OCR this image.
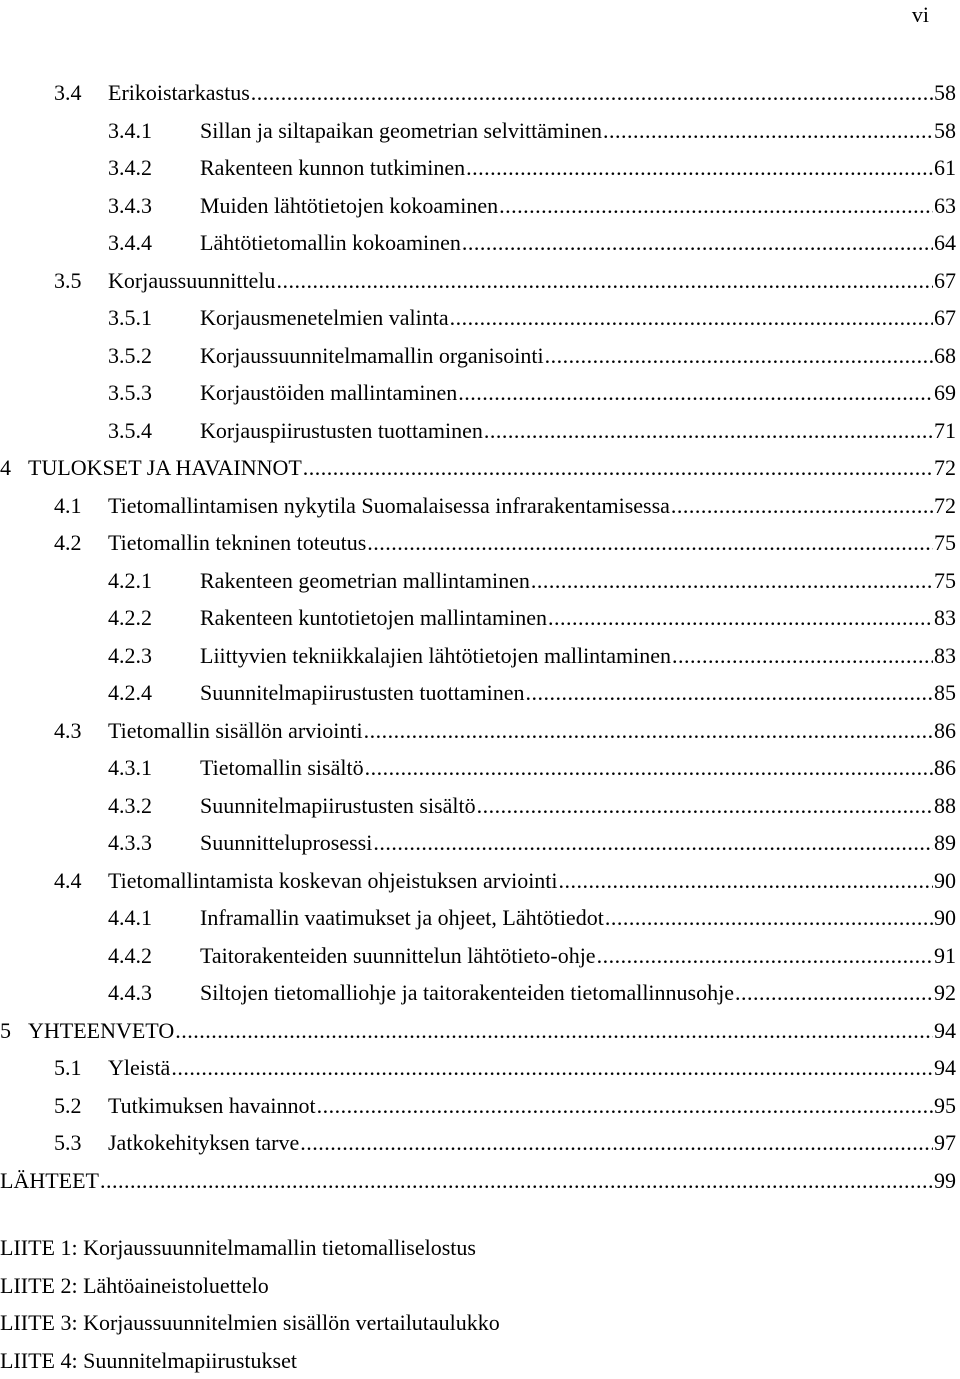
vi
3.4	Erikoistarkastus .....	58
3.4.1	Sillan ja siltapaikan geometrian selvittäminen .....	58
3.4.2	Rakenteen kunnon tutkiminen .....	61
3.4.3	Muiden lähtötietojen kokoaminen .....	63
3.4.4	Lähtötietomallin kokoaminen .....	64
3.5	Korjaussuunnittelu .....	67
3.5.1	Korjausmenetelmien valinta .....	67
3.5.2	Korjaussuunnitelmamallin organisointi .....	68
3.5.3	Korjaustöiden mallintaminen .....	69
3.5.4	Korjauspiirustusten tuottaminen .....	71
4 TULOKSET JA HAVAINNOT .....	72
4.1	Tietomallintamisen nykytila Suomalaisessa infrarakentamisessa .....	72
4.2	Tietomallin tekninen toteutus .....	75
4.2.1	Rakenteen geometrian mallintaminen .....	75
4.2.2	Rakenteen kuntotietojen mallintaminen .....	83
4.2.3	Liittyvien tekniikkalajien lähtötietojen mallintaminen .....	83
4.2.4	Suunnitelmapiirustusten tuottaminen .....	85
4.3	Tietomallin sisällön arviointi .....	86
4.3.1	Tietomallin sisältö .....	86
4.3.2	Suunnitelmapiirustusten sisältö .....	88
4.3.3	Suunnitteluprosessi .....	89
4.4	Tietomallintamista koskevan ohjeistuksen arviointi .....	90
4.4.1	Inframallin vaatimukset ja ohjeet, Lähtötiedot .....	90
4.4.2	Taitorakenteiden suunnittelun lähtötieto-ohje .....	91
4.4.3	Siltojen tietomalliohje ja taitorakenteiden tietomallinnusohje .....	92
5 YHTEENVETO .....	94
5.1	Yleistä .....	94
5.2	Tutkimuksen havainnot .....	95
5.3	Jatkokehityksen tarve .....	97
LÄHTEET .....	99
LIITE 1: Korjaussuunnitelmamallin tietomalliselostus
LIITE 2: Lähtöaineistoluettelo
LIITE 3: Korjaussuunnitelmien sisällön vertailutaulukko
LIITE 4: Suunnitelmapiirustukset
